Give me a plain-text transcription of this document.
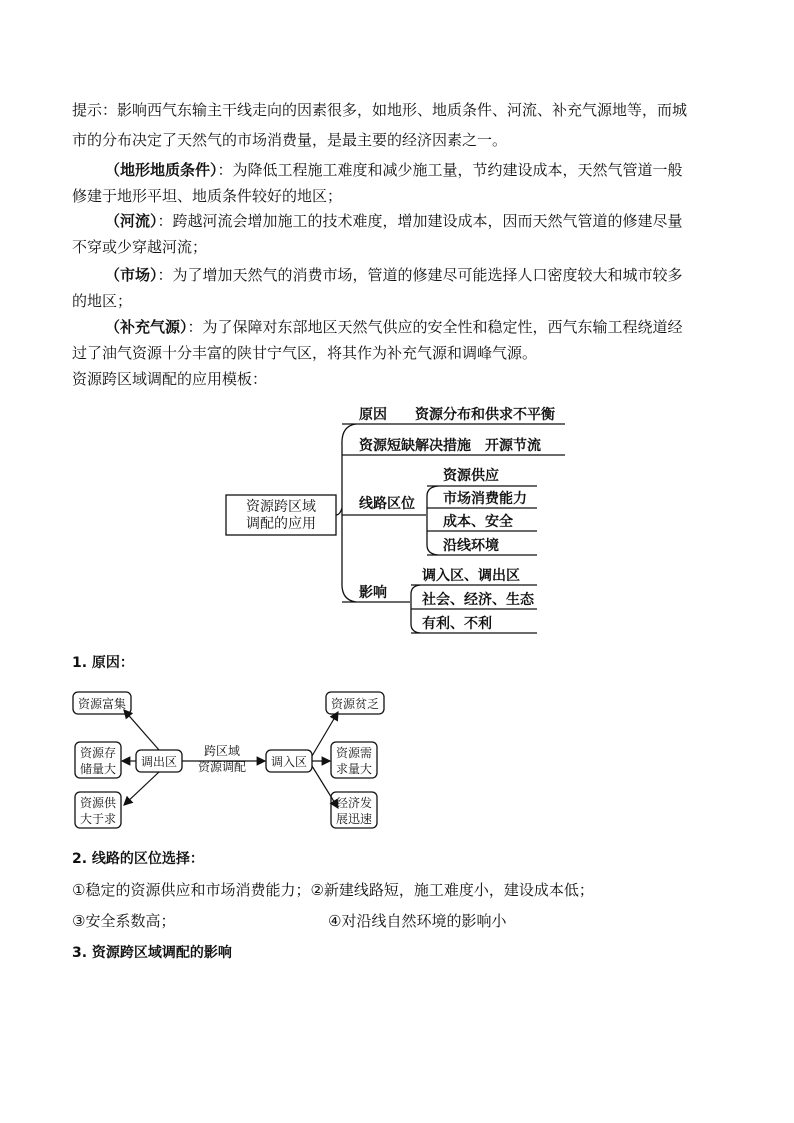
提示：影响西气东输主干线走向的因素很多，如地形、地质条件、河流、补充气源地等，而城
市的分布决定了天然气的市场消费量，是最主要的经济因素之一。
（地形地质条件）：为降低工程施工难度和减少施工量，节约建设成本，天然气管道一般
修建于地形平坦、地质条件较好的地区；
（河流）：跨越河流会增加施工的技术难度，增加建设成本，因而天然气管道的修建尽量
不穿或少穿越河流；
（市场）：为了增加天然气的消费市场，管道的修建尽可能选择人口密度较大和城市较多
的地区；
（补充气源）：为了保障对东部地区天然气供应的安全性和稳定性，西气东输工程绕道经
过了油气资源十分丰富的陕甘宁气区，将其作为补充气源和调峰气源。
资源跨区域调配的应用模板：
资源跨区域
调配的应用
原因　　资源分布和供求不平衡
资源短缺解决措施　开源节流
线路区位
资源供应
市场消费能力
成本、安全
沿线环境
影响
调入区、调出区
社会、经济、生态
有利、不利
1. 原因：
资源富集
资源存
储量大
资源供
大于求
调出区
跨区域
资源调配 调入区
资源贫乏
资源需
求量大
经济发
展迅速
2. 线路的区位选择：
①稳定的资源供应和市场消费能力；②新建线路短，施工难度小，建设成本低；
③安全系数高；	④对沿线自然环境的影响小
3. 资源跨区域调配的影响
